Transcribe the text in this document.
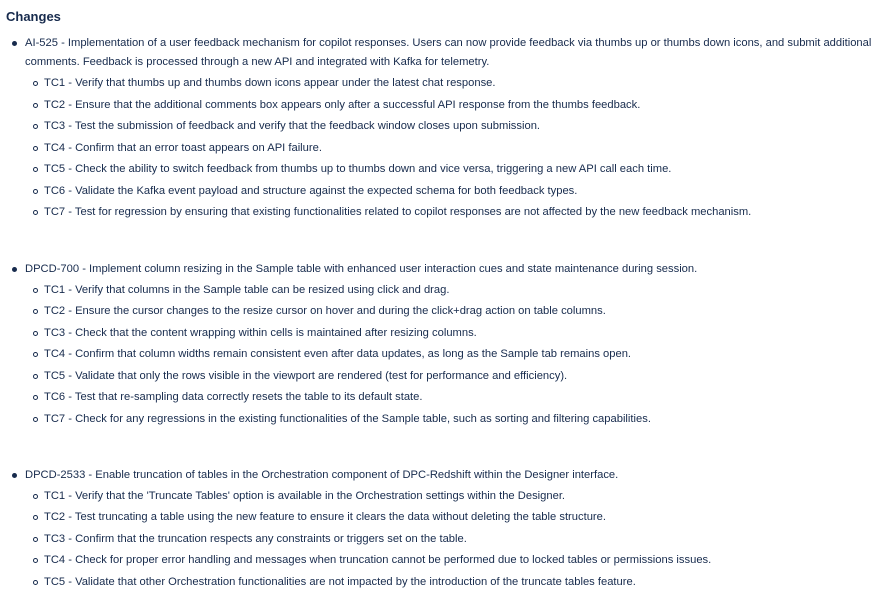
Changes
AI-525 - Implementation of a user feedback mechanism for copilot responses. Users can now provide feedback via thumbs up or thumbs down icons, and submit additional comments. Feedback is processed through a new API and integrated with Kafka for telemetry.
TC1 - Verify that thumbs up and thumbs down icons appear under the latest chat response.
TC2 - Ensure that the additional comments box appears only after a successful API response from the thumbs feedback.
TC3 - Test the submission of feedback and verify that the feedback window closes upon submission.
TC4 - Confirm that an error toast appears on API failure.
TC5 - Check the ability to switch feedback from thumbs up to thumbs down and vice versa, triggering a new API call each time.
TC6 - Validate the Kafka event payload and structure against the expected schema for both feedback types.
TC7 - Test for regression by ensuring that existing functionalities related to copilot responses are not affected by the new feedback mechanism.
DPCD-700 - Implement column resizing in the Sample table with enhanced user interaction cues and state maintenance during session.
TC1 - Verify that columns in the Sample table can be resized using click and drag.
TC2 - Ensure the cursor changes to the resize cursor on hover and during the click+drag action on table columns.
TC3 - Check that the content wrapping within cells is maintained after resizing columns.
TC4 - Confirm that column widths remain consistent even after data updates, as long as the Sample tab remains open.
TC5 - Validate that only the rows visible in the viewport are rendered (test for performance and efficiency).
TC6 - Test that re-sampling data correctly resets the table to its default state.
TC7 - Check for any regressions in the existing functionalities of the Sample table, such as sorting and filtering capabilities.
DPCD-2533 - Enable truncation of tables in the Orchestration component of DPC-Redshift within the Designer interface.
TC1 - Verify that the 'Truncate Tables' option is available in the Orchestration settings within the Designer.
TC2 - Test truncating a table using the new feature to ensure it clears the data without deleting the table structure.
TC3 - Confirm that the truncation respects any constraints or triggers set on the table.
TC4 - Check for proper error handling and messages when truncation cannot be performed due to locked tables or permissions issues.
TC5 - Validate that other Orchestration functionalities are not impacted by the introduction of the truncate tables feature.
